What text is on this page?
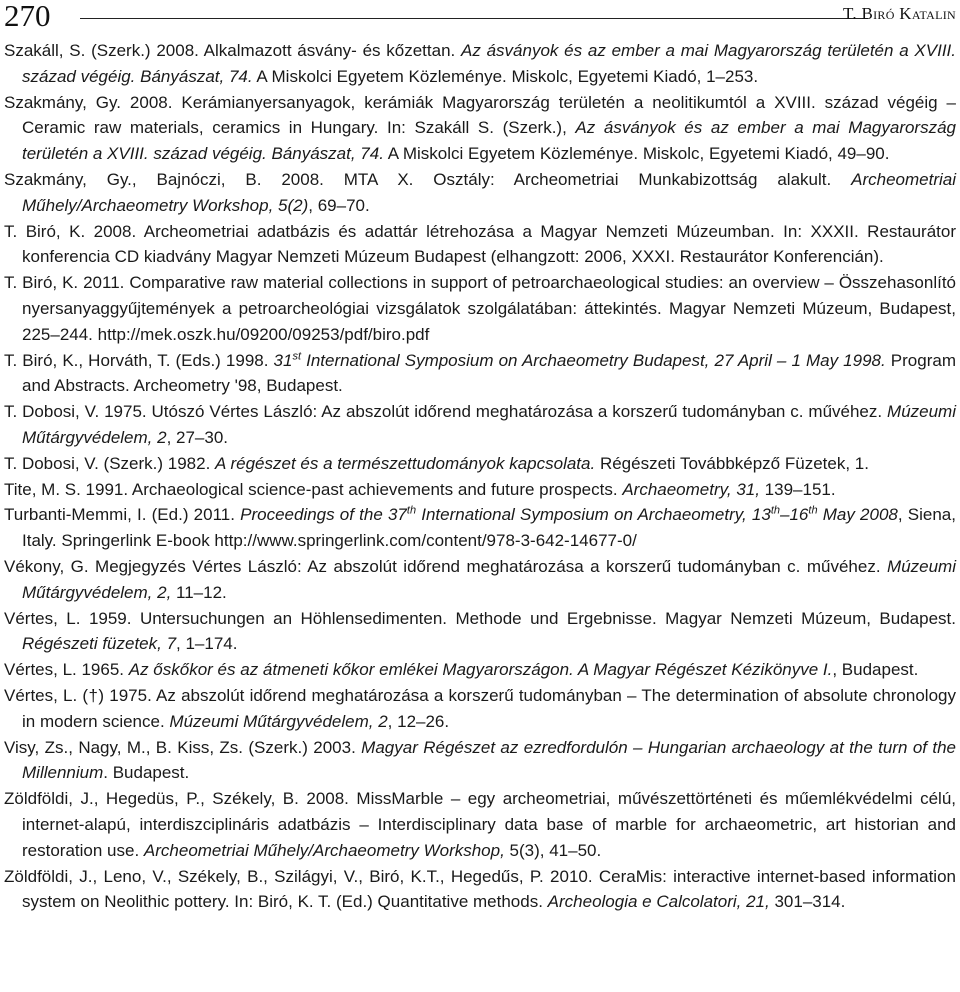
270	T. Biró Katalin

Szakáll, S. (Szerk.) 2008. Alkalmazott ásvány- és kőzettan. Az ásványok és az ember a mai Magyarország területén a XVIII. század végéig. Bányászat, 74. A Miskolci Egyetem Közleménye. Miskolc, Egyetemi Kiadó, 1–253.

Szakmány, Gy. 2008. Kerámianyersanyagok, kerámiák Magyarország területén a neolitikumtól a XVIII. század végéig – Ceramic raw materials, ceramics in Hungary. In: Szakáll S. (Szerk.), Az ásványok és az ember a mai Magyarország területén a XVIII. század végéig. Bányászat, 74. A Miskolci Egyetem Közleménye. Miskolc, Egyetemi Kiadó, 49–90.

Szakmány, Gy., Bajnóczi, B. 2008. MTA X. Osztály: Archeometriai Munkabizottság alakult. Archeometriai Műhely/Archaeometry Workshop, 5(2), 69–70.

T. Biró, K. 2008. Archeometriai adatbázis és adattár létrehozása a Magyar Nemzeti Múzeumban. In: XXXII. Restaurátor konferencia CD kiadvány Magyar Nemzeti Múzeum Budapest (elhangzott: 2006, XXXI. Restaurátor Konferencián).

T. Biró, K. 2011. Comparative raw material collections in support of petroarchaeological studies: an overview – Összehasonlító nyersanyaggyűjtemények a petroarcheológiai vizsgálatok szolgálatában: áttekintés. Magyar Nemzeti Múzeum, Budapest, 225–244. http://mek.oszk.hu/09200/09253/pdf/biro.pdf

T. Biró, K., Horváth, T. (Eds.) 1998. 31st International Symposium on Archaeometry Budapest, 27 April – 1 May 1998. Program and Abstracts. Archeometry '98, Budapest.

T. Dobosi, V. 1975. Utószó Vértes László: Az abszolút időrend meghatározása a korszerű tudományban c. művéhez. Múzeumi Műtárgyvédelem, 2, 27–30.

T. Dobosi, V. (Szerk.) 1982. A régészet és a természettudományok kapcsolata. Régészeti Továbbképző Füzetek, 1.

Tite, M. S. 1991. Archaeological science-past achievements and future prospects. Archaeometry, 31, 139–151.

Turbanti-Memmi, I. (Ed.) 2011. Proceedings of the 37th International Symposium on Archaeometry, 13th–16th May 2008, Siena, Italy. Springerlink E-book http://www.springerlink.com/content/978-3-642-14677-0/

Vékony, G. Megjegyzés Vértes László: Az abszolút időrend meghatározása a korszerű tudományban c. művéhez. Múzeumi Műtárgyvédelem, 2, 11–12.

Vértes, L. 1959. Untersuchungen an Höhlensedimenten. Methode und Ergebnisse. Magyar Nemzeti Múzeum, Budapest. Régészeti füzetek, 7, 1–174.

Vértes, L. 1965. Az őskőkor és az átmeneti kőkor emlékei Magyarországon. A Magyar Régészet Kézikönyve I., Budapest.

Vértes, L. (†) 1975. Az abszolút időrend meghatározása a korszerű tudományban – The determination of absolute chronology in modern science. Múzeumi Műtárgyvédelem, 2, 12–26.

Visy, Zs., Nagy, M., B. Kiss, Zs. (Szerk.) 2003. Magyar Régészet az ezredfordulón – Hungarian archaeology at the turn of the Millennium. Budapest.

Zöldföldi, J., Hegedüs, P., Székely, B. 2008. MissMarble – egy archeometriai, művészettörténeti és műemlékvédelmi célú, internet-alapú, interdiszciplináris adatbázis – Interdisciplinary data base of marble for archaeometric, art historian and restoration use. Archeometriai Műhely/Archaeometry Workshop, 5(3), 41–50.

Zöldföldi, J., Leno, V., Székely, B., Szilágyi, V., Biró, K.T., Hegedűs, P. 2010. CeraMis: interactive internet-based information system on Neolithic pottery. In: Biró, K. T. (Ed.) Quantitative methods. Archeologia e Calcolatori, 21, 301–314.
